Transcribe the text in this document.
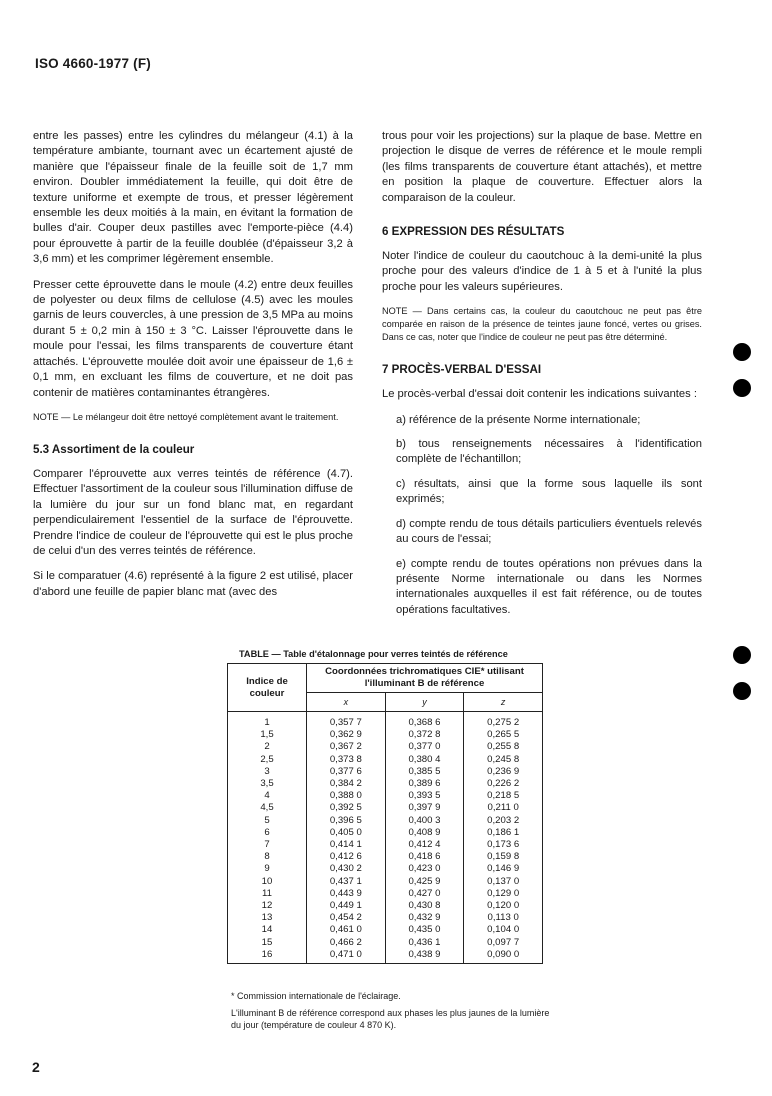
ISO 4660-1977 (F)

entre les passes) entre les cylindres du mélangeur (4.1) à la température ambiante, tournant avec un écartement ajusté de manière que l'épaisseur finale de la feuille soit de 1,7 mm environ. Doubler immédiatement la feuille, qui doit être de texture uniforme et exempte de trous, et presser légèrement ensemble les deux moitiés à la main, en évitant la formation de bulles d'air. Couper deux pastilles avec l'emporte-pièce (4.4) pour éprouvette à partir de la feuille doublée (d'épaisseur 3,2 à 3,6 mm) et les comprimer légèrement ensemble.

Presser cette éprouvette dans le moule (4.2) entre deux feuilles de polyester ou deux films de cellulose (4.5) avec les moules garnis de leurs couvercles, à une pression de 3,5 MPa au moins durant 5 ± 0,2 min à 150 ± 3 °C. Laisser l'éprouvette dans le moule pour l'essai, les films transparents de couverture étant attachés. L'éprouvette moulée doit avoir une épaisseur de 1,6 ± 0,1 mm, en excluant les films de couverture, et ne doit pas contenir de matières contaminantes étrangères.

NOTE — Le mélangeur doit être nettoyé complètement avant le traitement.

5.3 Assortiment de la couleur

Comparer l'éprouvette aux verres teintés de référence (4.7). Effectuer l'assortiment de la couleur sous l'illumination diffuse de la lumière du jour sur un fond blanc mat, en regardant perpendiculairement l'essentiel de la surface de l'éprouvette. Prendre l'indice de couleur de l'éprouvette qui est le plus proche de celui d'un des verres teintés de référence.

Si le comparatuer (4.6) représenté à la figure 2 est utilisé, placer d'abord une feuille de papier blanc mat (avec des

trous pour voir les projections) sur la plaque de base. Mettre en projection le disque de verres de référence et le moule rempli (les films transparents de couverture étant attachés), et mettre en position la plaque de couverture. Effectuer alors la comparaison de la couleur.

6 EXPRESSION DES RÉSULTATS

Noter l'indice de couleur du caoutchouc à la demi-unité la plus proche pour des valeurs d'indice de 1 à 5 et à l'unité la plus proche pour les valeurs supérieures.

NOTE — Dans certains cas, la couleur du caoutchouc ne peut pas être comparée en raison de la présence de teintes jaune foncé, vertes ou grises. Dans ce cas, noter que l'indice de couleur ne peut pas être déterminé.

7 PROCÈS-VERBAL D'ESSAI

Le procès-verbal d'essai doit contenir les indications suivantes :

a) référence de la présente Norme internationale;
b) tous renseignements nécessaires à l'identification complète de l'échantillon;
c) résultats, ainsi que la forme sous laquelle ils sont exprimés;
d) compte rendu de tous détails particuliers éventuels relevés au cours de l'essai;
e) compte rendu de toutes opérations non prévues dans la présente Norme internationale ou dans les Normes internationales auxquelles il est fait référence, ou de toutes opérations facultatives.
TABLE — Table d'étalonnage pour verres teintés de référence
Indice de couleur	Coordonnées trichromatiques CIE* utilisant l'illuminant B de référence		
	x	y	z
1	0,357 7	0,368 6	0,275 2
1,5	0,362 9	0,372 8	0,265 5
2	0,367 2	0,377 0	0,255 8
2,5	0,373 8	0,380 4	0,245 8
3	0,377 6	0,385 5	0,236 9
3,5	0,384 2	0,389 6	0,226 2
4	0,388 0	0,393 5	0,218 5
4,5	0,392 5	0,397 9	0,211 0
5	0,396 5	0,400 3	0,203 2
6	0,405 0	0,408 9	0,186 1
7	0,414 1	0,412 4	0,173 6
8	0,412 6	0,418 6	0,159 8
9	0,430 2	0,423 0	0,146 9
10	0,437 1	0,425 9	0,137 0
11	0,443 9	0,427 0	0,129 0
12	0,449 1	0,430 8	0,120 0
13	0,454 2	0,432 9	0,113 0
14	0,461 0	0,435 0	0,104 0
15	0,466 2	0,436 1	0,097 7
16	0,471 0	0,438 9	0,090 0
* Commission internationale de l'éclairage.
L'illuminant B de référence correspond aux phases les plus jaunes de la lumière du jour (température de couleur 4 870 K).
2
